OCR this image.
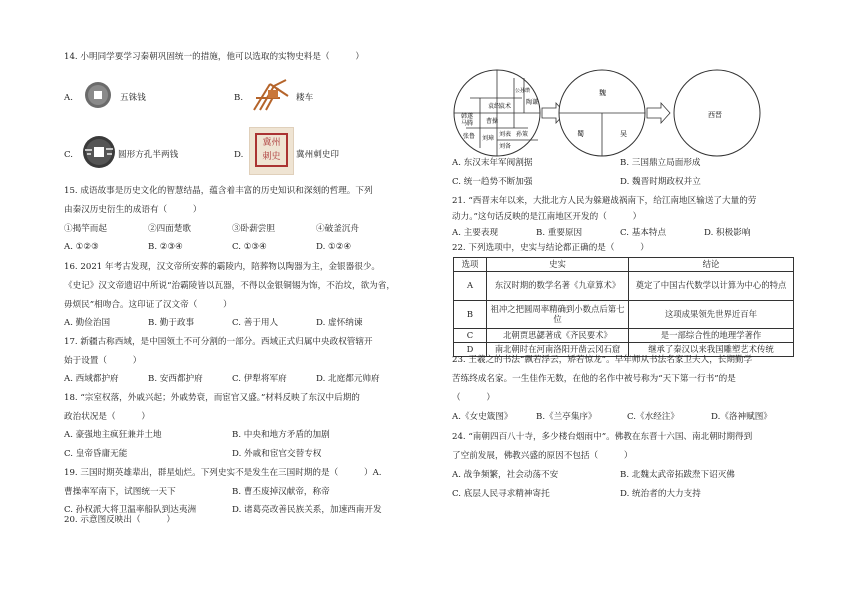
14. 小明同学要学习秦朝巩固统一的措施，他可以选取的实物史料是（　　　）
A.	五铢钱	B.	耧车
C.	圆形方孔半两钱	D.
冀州刺史 冀州刺史印
15. 成语故事是历史文化的智慧结晶，蕴含着丰富的历史知识和深刻的哲理。下列
由秦汉历史衍生的成语有（　　　）
①揭竿而起	②四面楚歌	③卧薪尝胆	④破釜沉舟
A. ①②③	B. ②③④	C. ①③④	D. ①②④
16. 2021 年考古发现，汉文帝所安葬的霸陵内，陪葬物以陶器为主，金银器很少。
《史记》汉文帝遗诏中所说“治霸陵皆以瓦器，不得以金银铜锡为饰，不治坟，欲为省，
毋烦民”相吻合。这印证了汉文帝（　　　）
A. 勤俭治国	B. 勤于政事	C. 善于用人	D. 虚怀纳谏
17. 新疆古称西域，是中国领土不可分割的一部分。西域正式归属中央政权管辖开
始于设置（　　　）
A. 西域都护府	B. 安西都护府	C. 伊犁将军府	D. 北庭都元帅府
18. “宗室权落，外戚兴起；外戚势衰，而宦官又盛。”材料反映了东汉中后期的
政治状况是（　　　）
A. 豪强地主疯狂兼并土地	B. 中央和地方矛盾的加剧
C. 皇帝昏庸无能	D. 外戚和宦官交替专权
19. 三国时期英雄辈出，群星灿烂。下列史实不是发生在三国时期的是（　　　）A.
曹操率军南下，试图统一天下	B. 曹丕废掉汉献帝，称帝
C. 孙权派大将卫温率船队到达夷洲	D. 诸葛亮改善民族关系，加速西南开发
20. 示意图反映出（　　　）
袁绍
曹操
孙策
刘表
刘备
公孙瓒
韩遂
马腾
张鲁 刘璋
袁术
陶谦
魏
蜀	吴
西晋
A. 东汉末年军阀割据	B. 三国鼎立局面形成
C. 统一趋势不断加强	D. 魏晋时期政权并立
21. “西晋末年以来，大批北方人民为躲避战祸南下，给江南地区输送了大量的劳
动力。”这句话反映的是江南地区开发的（　　　）
A. 主要表现	B. 重要原因	C. 基本特点	D. 积极影响
22. 下列选项中，史实与结论都正确的是（　　　）
选项	史实	结论
A	东汉时期的数学名著《九章算术》	奠定了中国古代数学以计算为中心的特点
B	祖冲之把圆周率精确到小数点后第七位	这项成果领先世界近百年
C	北朝贾思勰著成《齐民要术》	是一部综合性的地理学著作
D	南北朝时在河南洛阳开凿云冈石窟	继承了秦汉以来我国雕塑艺术传统
23. 王羲之的书法“飘若浮云，矫若惊龙”。早年师从书法名家卫夫人，长期勤学
苦练终成名家。一生佳作无数，在他的名作中被号称为“天下第一行书”的是
（　　　）
A.《女史箴图》	B.《兰亭集序》	C.《水经注》	D.《洛神赋图》
24. “南朝四百八十寺，多少楼台烟雨中”。佛教在东晋十六国、南北朝时期得到
了空前发展，佛教兴盛的原因不包括（　　　）
A. 战争频繁，社会动荡不安	B. 北魏太武帝拓跋焘下诏灭佛
C. 底层人民寻求精神寄托	D. 统治者的大力支持
